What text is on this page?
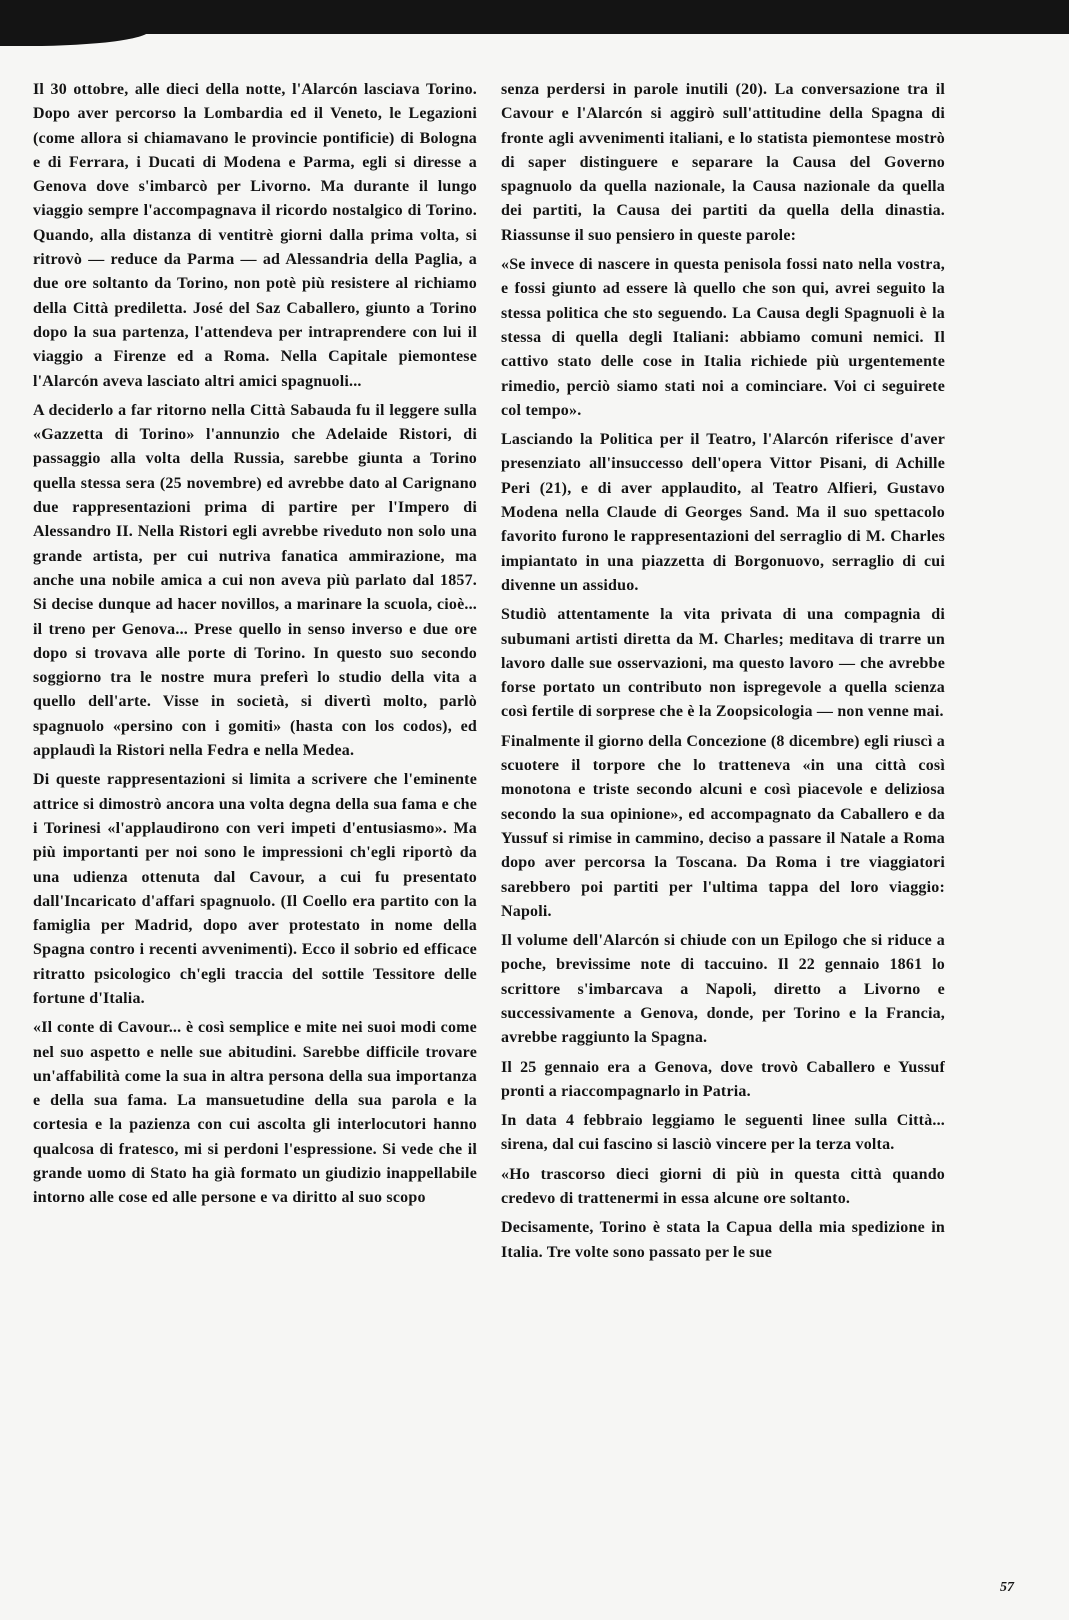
Il 30 ottobre, alle dieci della notte, l'Alarcón lasciava Torino. Dopo aver percorso la Lombardia ed il Veneto, le Legazioni (come allora si chiamavano le provincie pontificie) di Bologna e di Ferrara, i Ducati di Modena e Parma, egli si diresse a Genova dove s'imbarcò per Livorno. Ma durante il lungo viaggio sempre l'accompagnava il ricordo nostalgico di Torino. Quando, alla distanza di ventitrè giorni dalla prima volta, si ritrovò — reduce da Parma — ad Alessandria della Paglia, a due ore soltanto da Torino, non potè più resistere al richiamo della Città prediletta. José del Saz Caballero, giunto a Torino dopo la sua partenza, l'attendeva per intraprendere con lui il viaggio a Firenze ed a Roma. Nella Capitale piemontese l'Alarcón aveva lasciato altri amici spagnuoli...

A deciderlo a far ritorno nella Città Sabauda fu il leggere sulla «Gazzetta di Torino» l'annunzio che Adelaide Ristori, di passaggio alla volta della Russia, sarebbe giunta a Torino quella stessa sera (25 novembre) ed avrebbe dato al Carignano due rappresentazioni prima di partire per l'Impero di Alessandro II. Nella Ristori egli avrebbe riveduto non solo una grande artista, per cui nutriva fanatica ammirazione, ma anche una nobile amica a cui non aveva più parlato dal 1857. Si decise dunque ad hacer novillos, a marinare la scuola, cioè... il treno per Genova... Prese quello in senso inverso e due ore dopo si trovava alle porte di Torino. In questo suo secondo soggiorno tra le nostre mura preferì lo studio della vita a quello dell'arte. Visse in società, si divertì molto, parlò spagnuolo «persino con i gomiti» (hasta con los codos), ed applaudì la Ristori nella Fedra e nella Medea.

Di queste rappresentazioni si limita a scrivere che l'eminente attrice si dimostrò ancora una volta degna della sua fama e che i Torinesi «l'applaudirono con veri impeti d'entusiasmo». Ma più importanti per noi sono le impressioni ch'egli riportò da una udienza ottenuta dal Cavour, a cui fu presentato dall'Incaricato d'affari spagnuolo. (Il Coello era partito con la famiglia per Madrid, dopo aver protestato in nome della Spagna contro i recenti avvenimenti). Ecco il sobrio ed efficace ritratto psicologico ch'egli traccia del sottile Tessitore delle fortune d'Italia.

«Il conte di Cavour... è così semplice e mite nei suoi modi come nel suo aspetto e nelle sue abitudini. Sarebbe difficile trovare un'affabilità come la sua in altra persona della sua importanza e della sua fama. La mansuetudine della sua parola e la cortesia e la pazienza con cui ascolta gli interlocutori hanno qualcosa di fratesco, mi si perdoni l'espressione. Si vede che il grande uomo di Stato ha già formato un giudizio inappellabile intorno alle cose ed alle persone e va diritto al suo scopo

senza perdersi in parole inutili (20). La conversazione tra il Cavour e l'Alarcón si aggirò sull'attitudine della Spagna di fronte agli avvenimenti italiani, e lo statista piemontese mostrò di saper distinguere e separare la Causa del Governo spagnuolo da quella nazionale, la Causa nazionale da quella dei partiti, la Causa dei partiti da quella della dinastia. Riassunse il suo pensiero in queste parole:

«Se invece di nascere in questa penisola fossi nato nella vostra, e fossi giunto ad essere là quello che son qui, avrei seguito la stessa politica che sto seguendo. La Causa degli Spagnuoli è la stessa di quella degli Italiani: abbiamo comuni nemici. Il cattivo stato delle cose in Italia richiede più urgentemente rimedio, perciò siamo stati noi a cominciare. Voi ci seguirete col tempo».

Lasciando la Politica per il Teatro, l'Alarcón riferisce d'aver presenziato all'insuccesso dell'opera Vittor Pisani, di Achille Peri (21), e di aver applaudito, al Teatro Alfieri, Gustavo Modena nella Claude di Georges Sand. Ma il suo spettacolo favorito furono le rappresentazioni del serraglio di M. Charles impiantato in una piazzetta di Borgonuovo, serraglio di cui divenne un assiduo.

Studiò attentamente la vita privata di una compagnia di subumani artisti diretta da M. Charles; meditava di trarre un lavoro dalle sue osservazioni, ma questo lavoro — che avrebbe forse portato un contributo non ispregevole a quella scienza così fertile di sorprese che è la Zoopsicologia — non venne mai.

Finalmente il giorno della Concezione (8 dicembre) egli riuscì a scuotere il torpore che lo tratteneva «in una città così monotona e triste secondo alcuni e così piacevole e deliziosa secondo la sua opinione», ed accompagnato da Caballero e da Yussuf si rimise in cammino, deciso a passare il Natale a Roma dopo aver percorsa la Toscana. Da Roma i tre viaggiatori sarebbero poi partiti per l'ultima tappa del loro viaggio: Napoli.

Il volume dell'Alarcón si chiude con un Epilogo che si riduce a poche, brevissime note di taccuino. Il 22 gennaio 1861 lo scrittore s'imbarcava a Napoli, diretto a Livorno e successivamente a Genova, donde, per Torino e la Francia, avrebbe raggiunto la Spagna.

Il 25 gennaio era a Genova, dove trovò Caballero e Yussuf pronti a riaccompagnarlo in Patria.

In data 4 febbraio leggiamo le seguenti linee sulla Città... sirena, dal cui fascino si lasciò vincere per la terza volta.

«Ho trascorso dieci giorni di più in questa città quando credevo di trattenermi in essa alcune ore soltanto.

Decisamente, Torino è stata la Capua della mia spedizione in Italia. Tre volte sono passato per le sue

57
